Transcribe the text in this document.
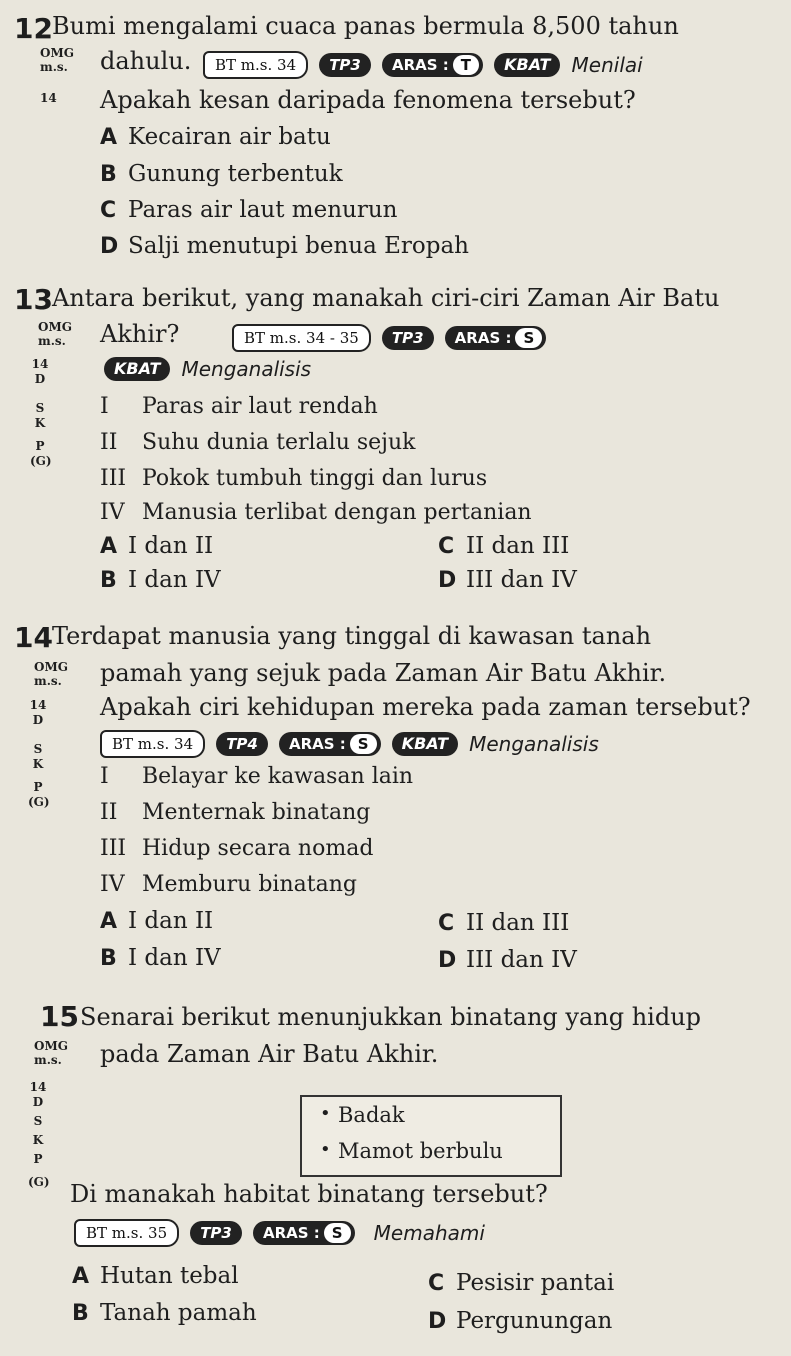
12 Bumi mengalami cuaca panas bermula 8,500 tahun
OMG
m.s.
14
dahulu.	BT m.s. 34 TP3 ARAS : T KBAT Menilai
Apakah kesan daripada fenomena tersebut?
A Kecairan air batu
B Gunung terbentuk
C Paras air laut menurun
D Salji menutupi benua Eropah
13 Antara berikut, yang manakah ciri-ciri Zaman Air Batu
OMG
m.s. Akhir?	BT m.s. 34 - 35 TP3 ARAS : S
14
D
S
K
P
(G)
KBAT Menganalisis
I Paras air laut rendah
II Suhu dunia terlalu sejuk
III Pokok tumbuh tinggi dan lurus
IV Manusia terlibat dengan pertanian
A I dan II
B I dan IV
C II dan III
D III dan IV
14 Terdapat manusia yang tinggal di kawasan tanah
OMG
m.s. pamah yang sejuk pada Zaman Air Batu Akhir.
14
D
S
K
P
(G)
Apakah ciri kehidupan mereka pada zaman tersebut?
BT m.s. 34 TP4 ARAS : S KBAT Menganalisis
I Belayar ke kawasan lain
II Menternak binatang
III Hidup secara nomad
IV Memburu binatang
A I dan II
B I dan IV
C II dan III
D III dan IV
15 Senarai berikut menunjukkan binatang yang hidup
OMG
m.s. pada Zaman Air Batu Akhir.
14
D
S
K
P
(G)
• Badak
• Mamot berbulu
Di manakah habitat binatang tersebut?
BT m.s. 35 TP3 ARAS : S Memahami
A Hutan tebal
B Tanah pamah
C Pesisir pantai
D Pergunungan
